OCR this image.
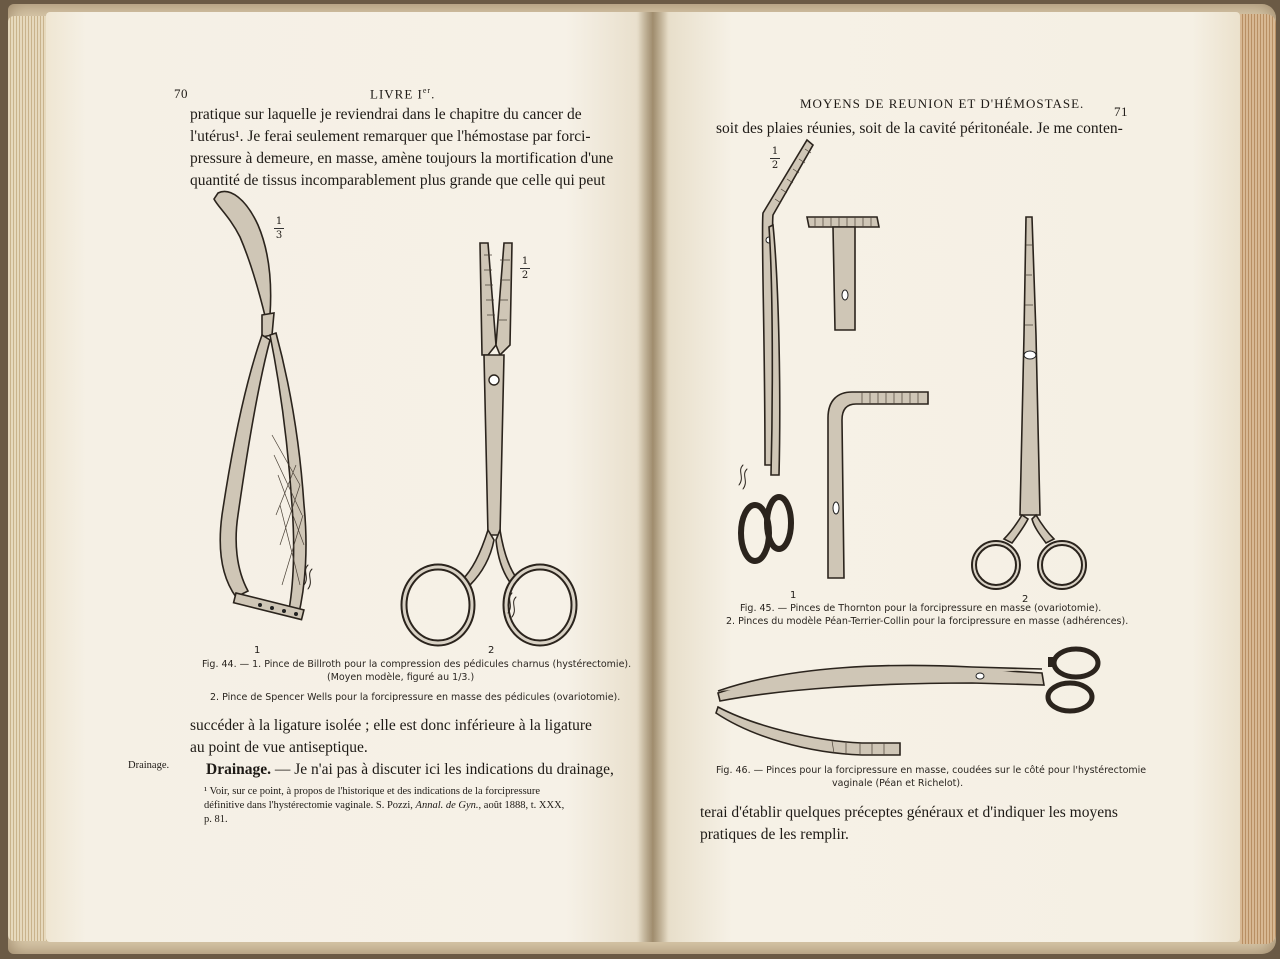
70	LIVRE Ier.
pratique sur laquelle je reviendrai dans le chapitre du cancer de
l'utérus¹. Je ferai seulement remarquer que l'hémostase par forci-
pressure à demeure, en masse, amène toujours la mortification d'une
quantité de tissus incomparablement plus grande que celle qui peut
1
3
1
2
1	2
Fig. 44. — 1. Pince de Billroth pour la compression des pédicules charnus (hystérectomie).
(Moyen modèle, figuré au 1/3.)
2. Pince de Spencer Wells pour la forcipressure en masse des pédicules (ovariotomie).
succéder à la ligature isolée ; elle est donc inférieure à la ligature
au point de vue antiseptique.
Drainage. — Je n'ai pas à discuter ici les indications du drainage,
Drainage.
¹ Voir, sur ce point, à propos de l'historique et des indications de la forcipressure
définitive dans l'hystérectomie vaginale. S. Pozzi, Annal. de Gyn., août 1888, t. XXX,
p. 81.
MOYENS DE REUNION ET D'HÉMOSTASE.
71
soit des plaies réunies, soit de la cavité péritonéale. Je me conten-
1
2
1	2
Fig. 45. — Pinces de Thornton pour la forcipressure en masse (ovariotomie).
2. Pinces du modèle Péan-Terrier-Collin pour la forcipressure en masse (adhérences).
Fig. 46. — Pinces pour la forcipressure en masse, coudées sur le côté pour l'hystérectomie
vaginale (Péan et Richelot).
terai d'établir quelques préceptes généraux et d'indiquer les moyens
pratiques de les remplir.
